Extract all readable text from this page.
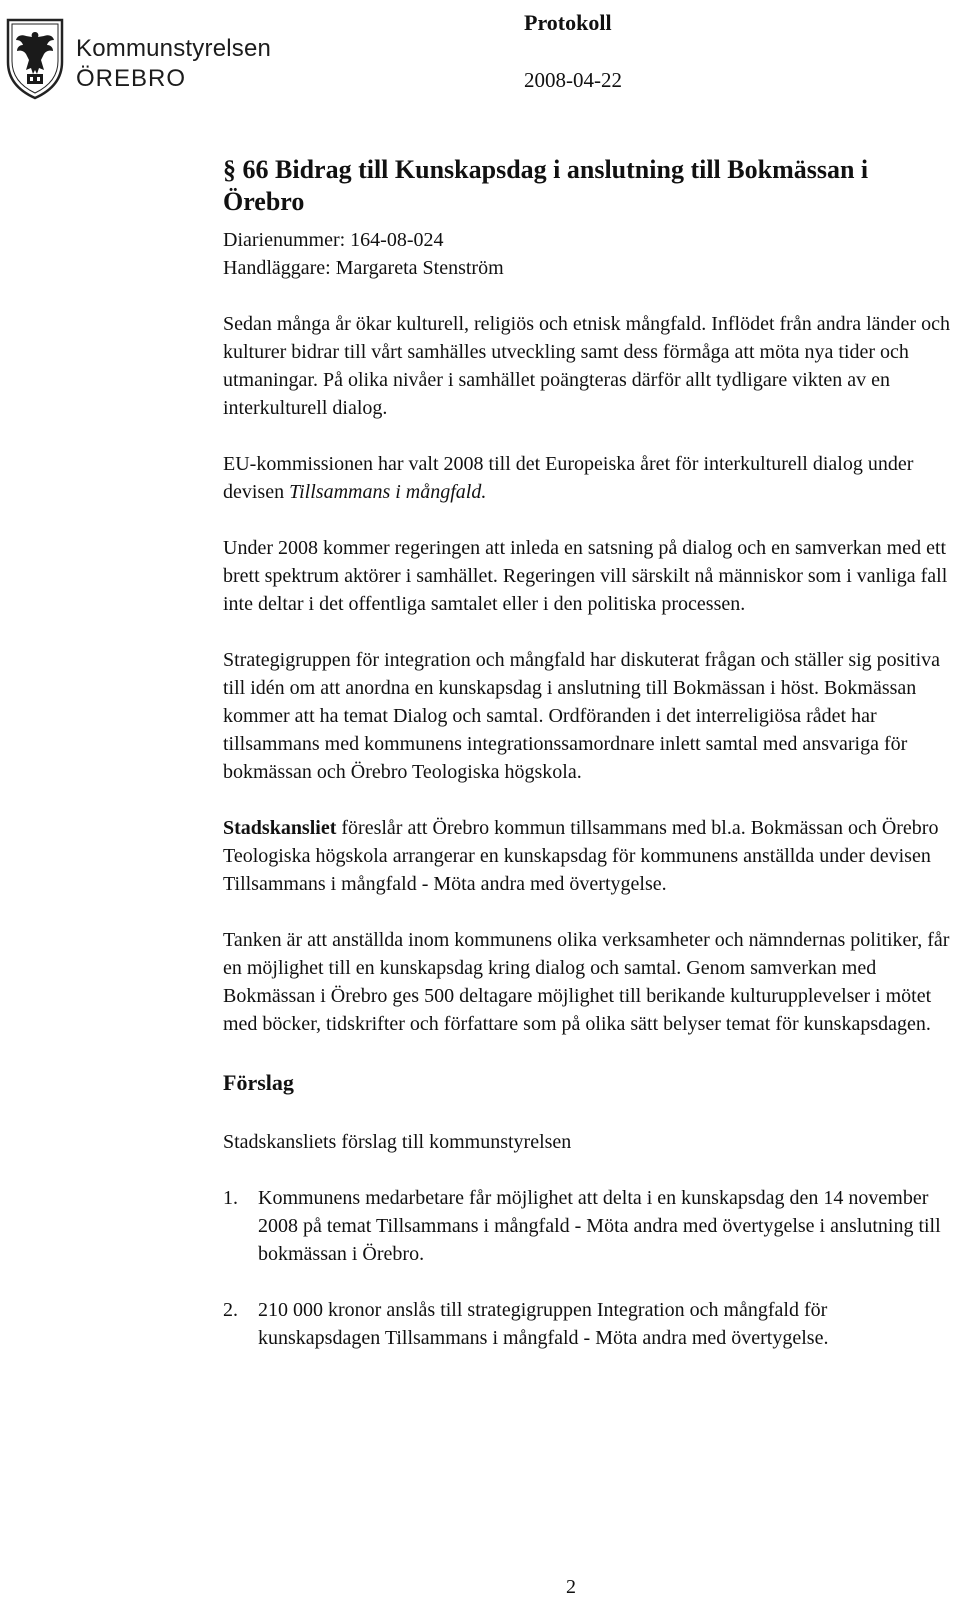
Kommunstyrelsen
ÖREBRO
Protokoll
2008-04-22
§ 66 Bidrag till Kunskapsdag i anslutning till Bokmässan i Örebro

Diarienummer: 164-08-024

Handläggare: Margareta Stenström

Sedan många år ökar kulturell, religiös och etnisk mångfald. Inflödet från andra länder och kulturer bidrar till vårt samhälles utveckling samt dess förmåga att möta nya tider och utmaningar. På olika nivåer i samhället poängteras därför allt tydligare vikten av en interkulturell dialog.

EU-kommissionen har valt 2008 till det Europeiska året för interkulturell dialog under devisen Tillsammans i mångfald.

Under 2008 kommer regeringen att inleda en satsning på dialog och en samverkan med ett brett spektrum aktörer i samhället. Regeringen vill särskilt nå människor som i vanliga fall inte deltar i det offentliga samtalet eller i den politiska processen.

Strategigruppen för integration och mångfald har diskuterat frågan och ställer sig positiva till idén om att anordna en kunskapsdag i anslutning till Bokmässan i höst. Bokmässan kommer att ha temat Dialog och samtal. Ordföranden i det interreligiösa rådet har tillsammans med kommunens integrationssamordnare inlett samtal med ansvariga för bokmässan och Örebro Teologiska högskola.

Stadskansliet föreslår att Örebro kommun tillsammans med bl.a. Bokmässan och Örebro Teologiska högskola arrangerar en kunskapsdag för kommunens anställda under devisen Tillsammans i mångfald - Möta andra med övertygelse.

Tanken är att anställda inom kommunens olika verksamheter och nämndernas politiker, får en möjlighet till en kunskapsdag kring dialog och samtal. Genom samverkan med Bokmässan i Örebro ges 500 deltagare möjlighet till berikande kulturupplevelser i mötet med böcker, tidskrifter och författare som på olika sätt belyser temat för kunskapsdagen.

Förslag

Stadskansliets förslag till kommunstyrelsen

1. Kommunens medarbetare får möjlighet att delta i en kunskapsdag den 14 november 2008 på temat Tillsammans i mångfald - Möta andra med övertygelse i anslutning till bokmässan i Örebro.
2. 210 000 kronor anslås till strategigruppen Integration och mångfald för kunskapsdagen Tillsammans i mångfald - Möta andra med övertygelse.
2
